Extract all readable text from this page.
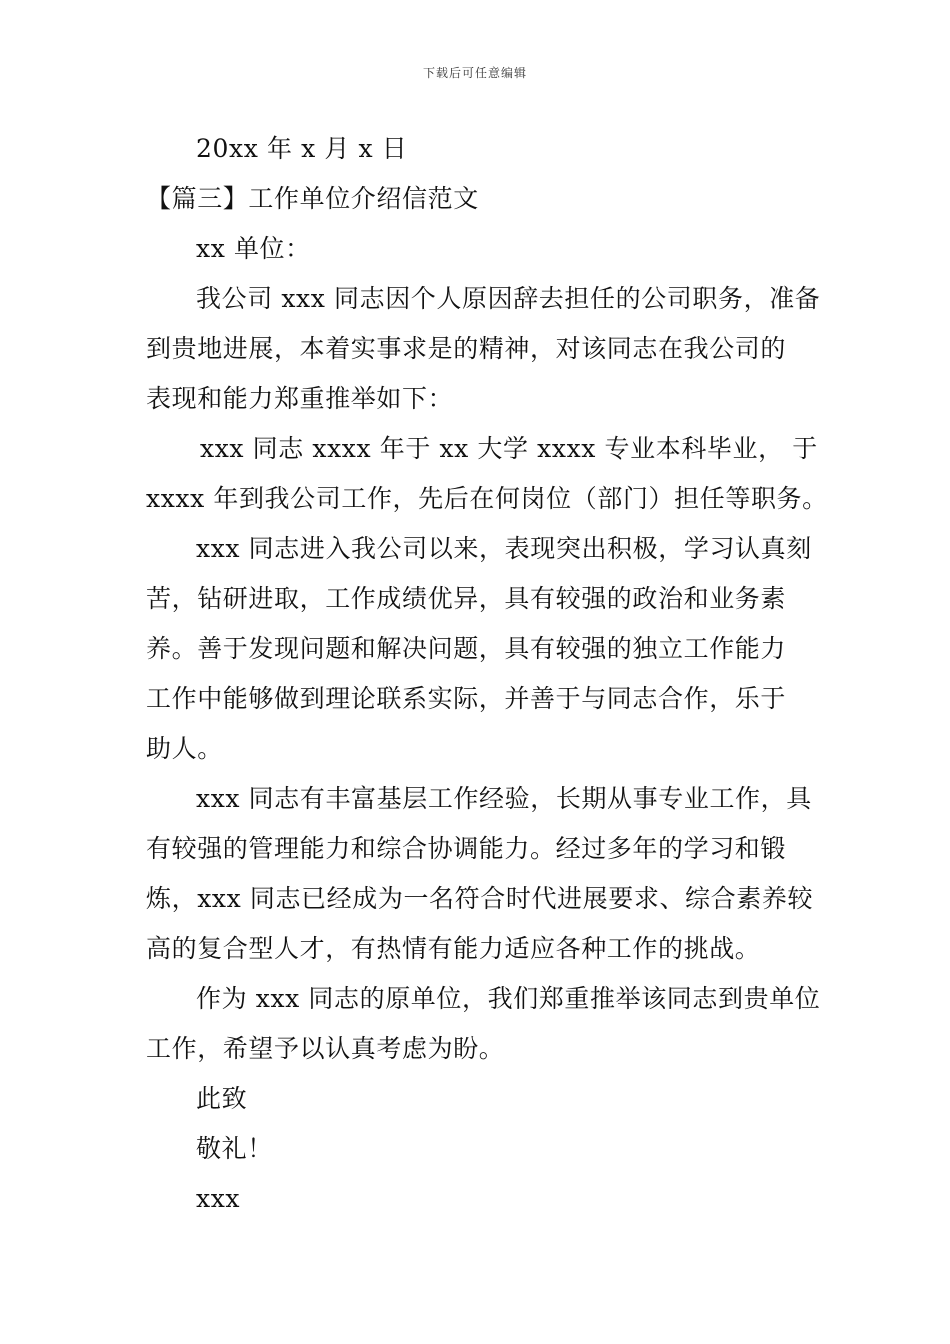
下载后可任意编辑
20xx 年 x 月 x 日
【篇三】工作单位介绍信范文
xx 单位：
我公司 xxx 同志因个人原因辞去担任的公司职务，准备
到贵地进展，本着实事求是的精神，对该同志在我公司的
表现和能力郑重推举如下：
xxx 同志 xxxx 年于 xx 大学 xxxx 专业本科毕业， 于
xxxx 年到我公司工作，先后在何岗位（部门）担任等职务。
xxx 同志进入我公司以来，表现突出积极，学习认真刻
苦，钻研进取，工作成绩优异，具有较强的政治和业务素
养。善于发现问题和解决问题，具有较强的独立工作能力
工作中能够做到理论联系实际，并善于与同志合作，乐于
助人。
xxx 同志有丰富基层工作经验，长期从事专业工作，具
有较强的管理能力和综合协调能力。经过多年的学习和锻
炼，xxx 同志已经成为一名符合时代进展要求、综合素养较
高的复合型人才，有热情有能力适应各种工作的挑战。
作为 xxx 同志的原单位，我们郑重推举该同志到贵单位
工作，希望予以认真考虑为盼。
此致
敬礼！
xxx
